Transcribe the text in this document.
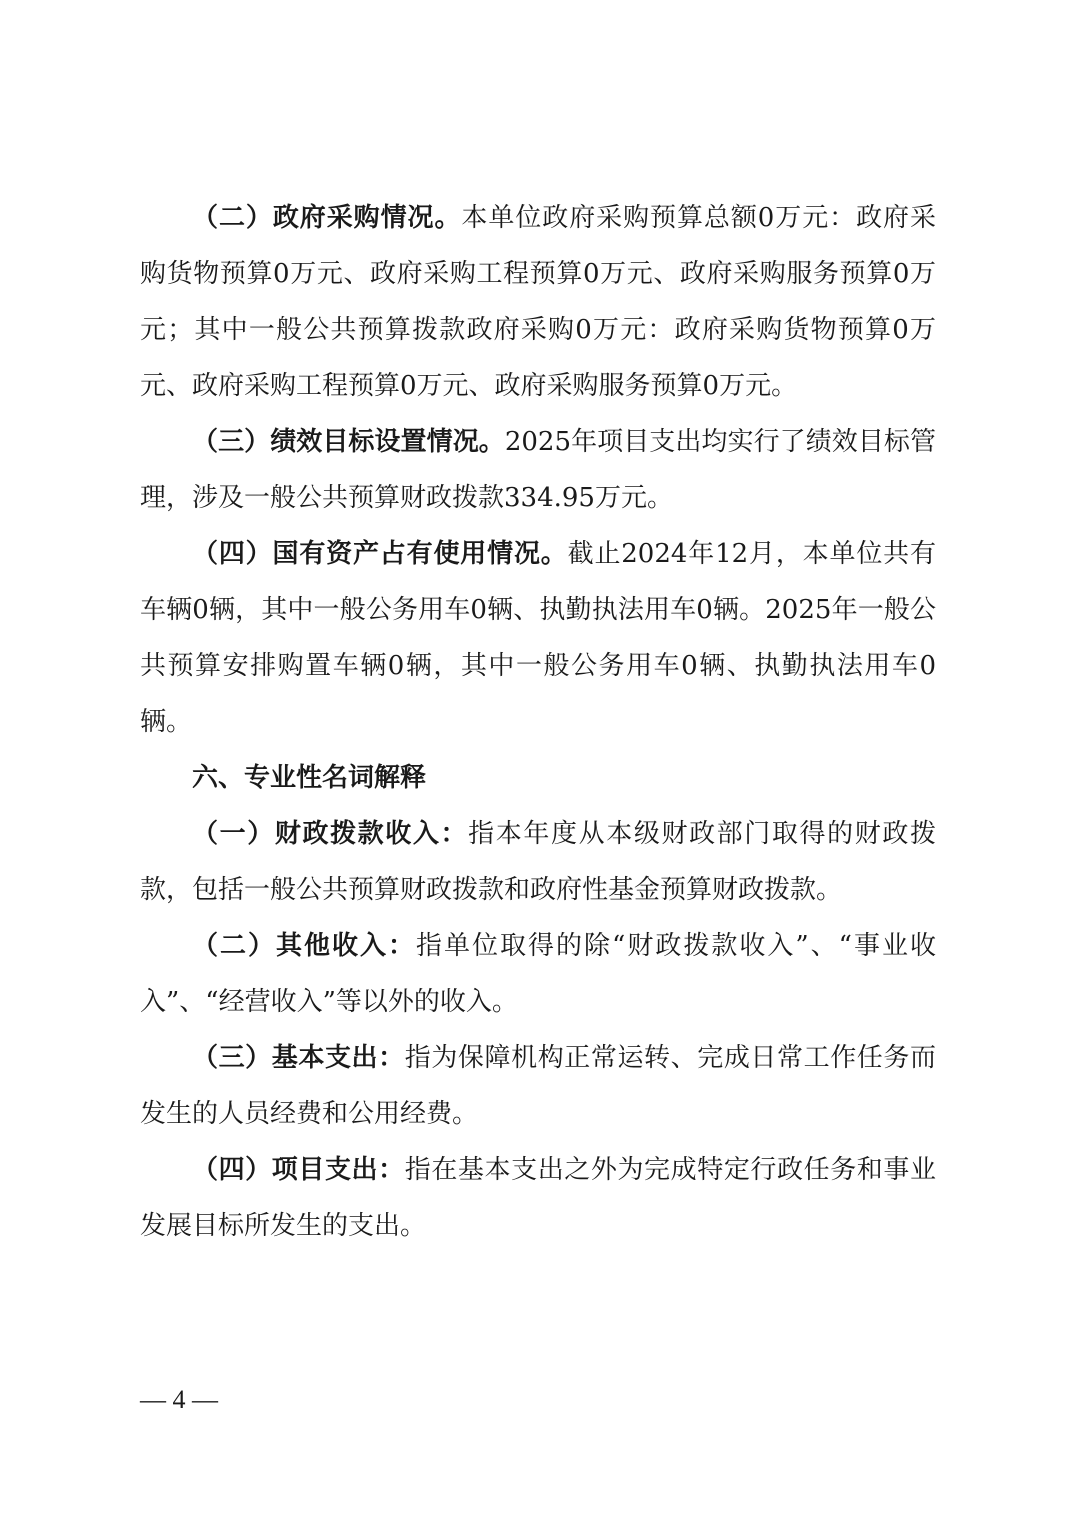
（二）政府采购情况。本单位政府采购预算总额0万元：政府采购货物预算0万元、政府采购工程预算0万元、政府采购服务预算0万元；其中一般公共预算拨款政府采购0万元：政府采购货物预算0万元、政府采购工程预算0万元、政府采购服务预算0万元。

（三）绩效目标设置情况。2025年项目支出均实行了绩效目标管理，涉及一般公共预算财政拨款334.95万元。

（四）国有资产占有使用情况。截止2024年12月，本单位共有车辆0辆，其中一般公务用车0辆、执勤执法用车0辆。2025年一般公共预算安排购置车辆0辆，其中一般公务用车0辆、执勤执法用车0辆。

六、专业性名词解释

（一）财政拨款收入：指本年度从本级财政部门取得的财政拨款，包括一般公共预算财政拨款和政府性基金预算财政拨款。

（二）其他收入：指单位取得的除“财政拨款收入”、“事业收入”、“经营收入”等以外的收入。

（三）基本支出：指为保障机构正常运转、完成日常工作任务而发生的人员经费和公用经费。

（四）项目支出：指在基本支出之外为完成特定行政任务和事业发展目标所发生的支出。

— 4 —
